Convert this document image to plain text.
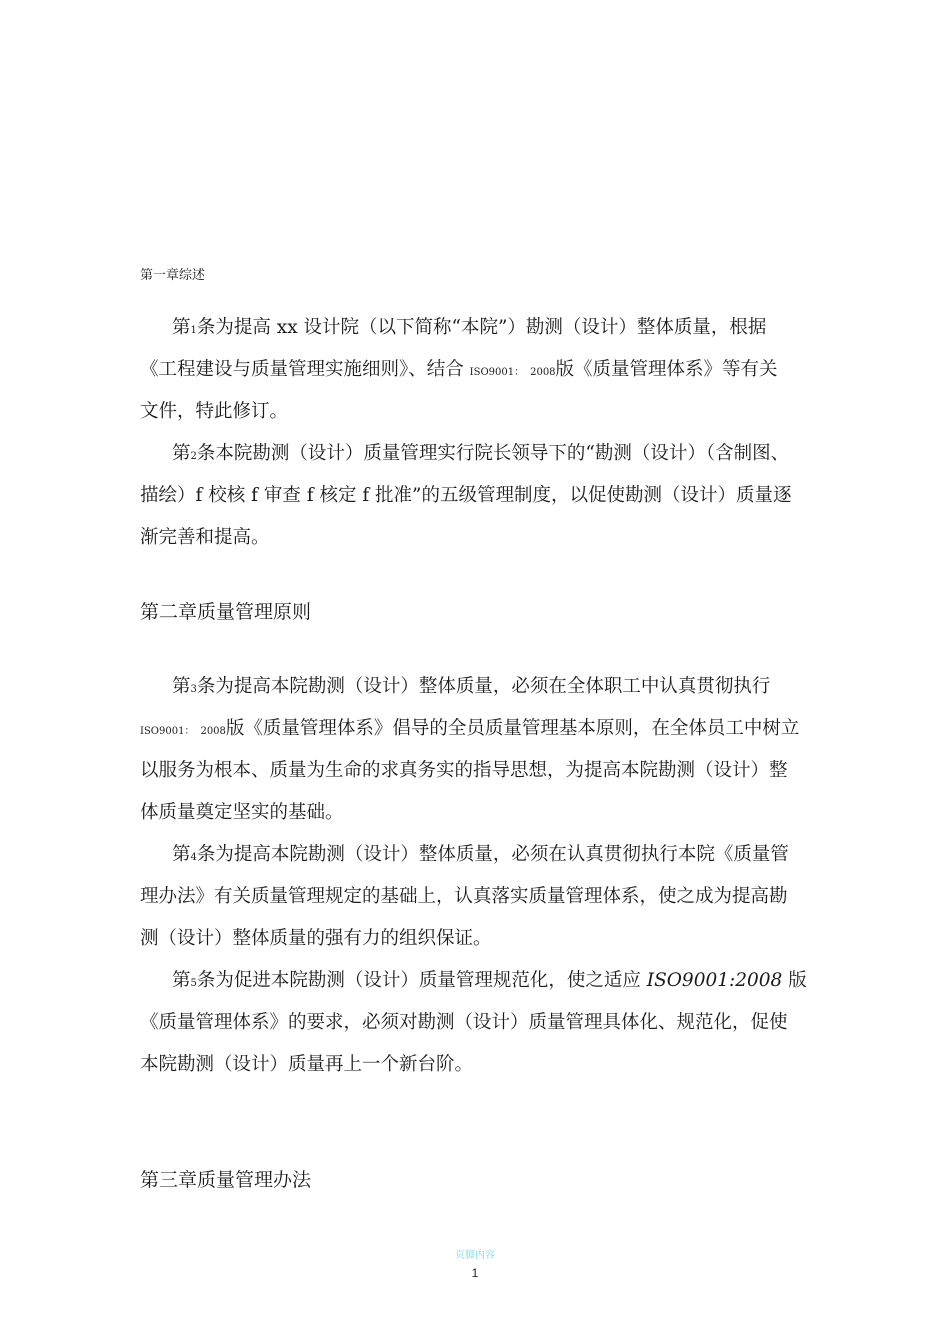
第一章综述
第1条为提高 xx 设计院（以下简称“本院”）勘测（设计）整体质量，根据
《工程建设与质量管理实施细则》、结合 ISO9001： 2008版《质量管理体系》等有关
文件，特此修订。
第2条本院勘测（设计）质量管理实行院长领导下的“勘测（设计）（含制图、
描绘）f 校核 f 审查 f 核定 f 批准”的五级管理制度，以促使勘测（设计）质量逐
渐完善和提高。
第二章质量管理原则
第3条为提高本院勘测（设计）整体质量，必须在全体职工中认真贯彻执行
ISO9001： 2008版《质量管理体系》倡导的全员质量管理基本原则，在全体员工中树立
以服务为根本、质量为生命的求真务实的指导思想，为提高本院勘测（设计）整
体质量奠定坚实的基础。
第4条为提高本院勘测（设计）整体质量，必须在认真贯彻执行本院《质量管
理办法》有关质量管理规定的基础上，认真落实质量管理体系，使之成为提高勘
测（设计）整体质量的强有力的组织保证。
第5条为促进本院勘测（设计）质量管理规范化，使之适应 ISO9001:2008 版
《质量管理体系》的要求，必须对勘测（设计）质量管理具体化、规范化，促使
本院勘测（设计）质量再上一个新台阶。
第三章质量管理办法
页脚内容
1
